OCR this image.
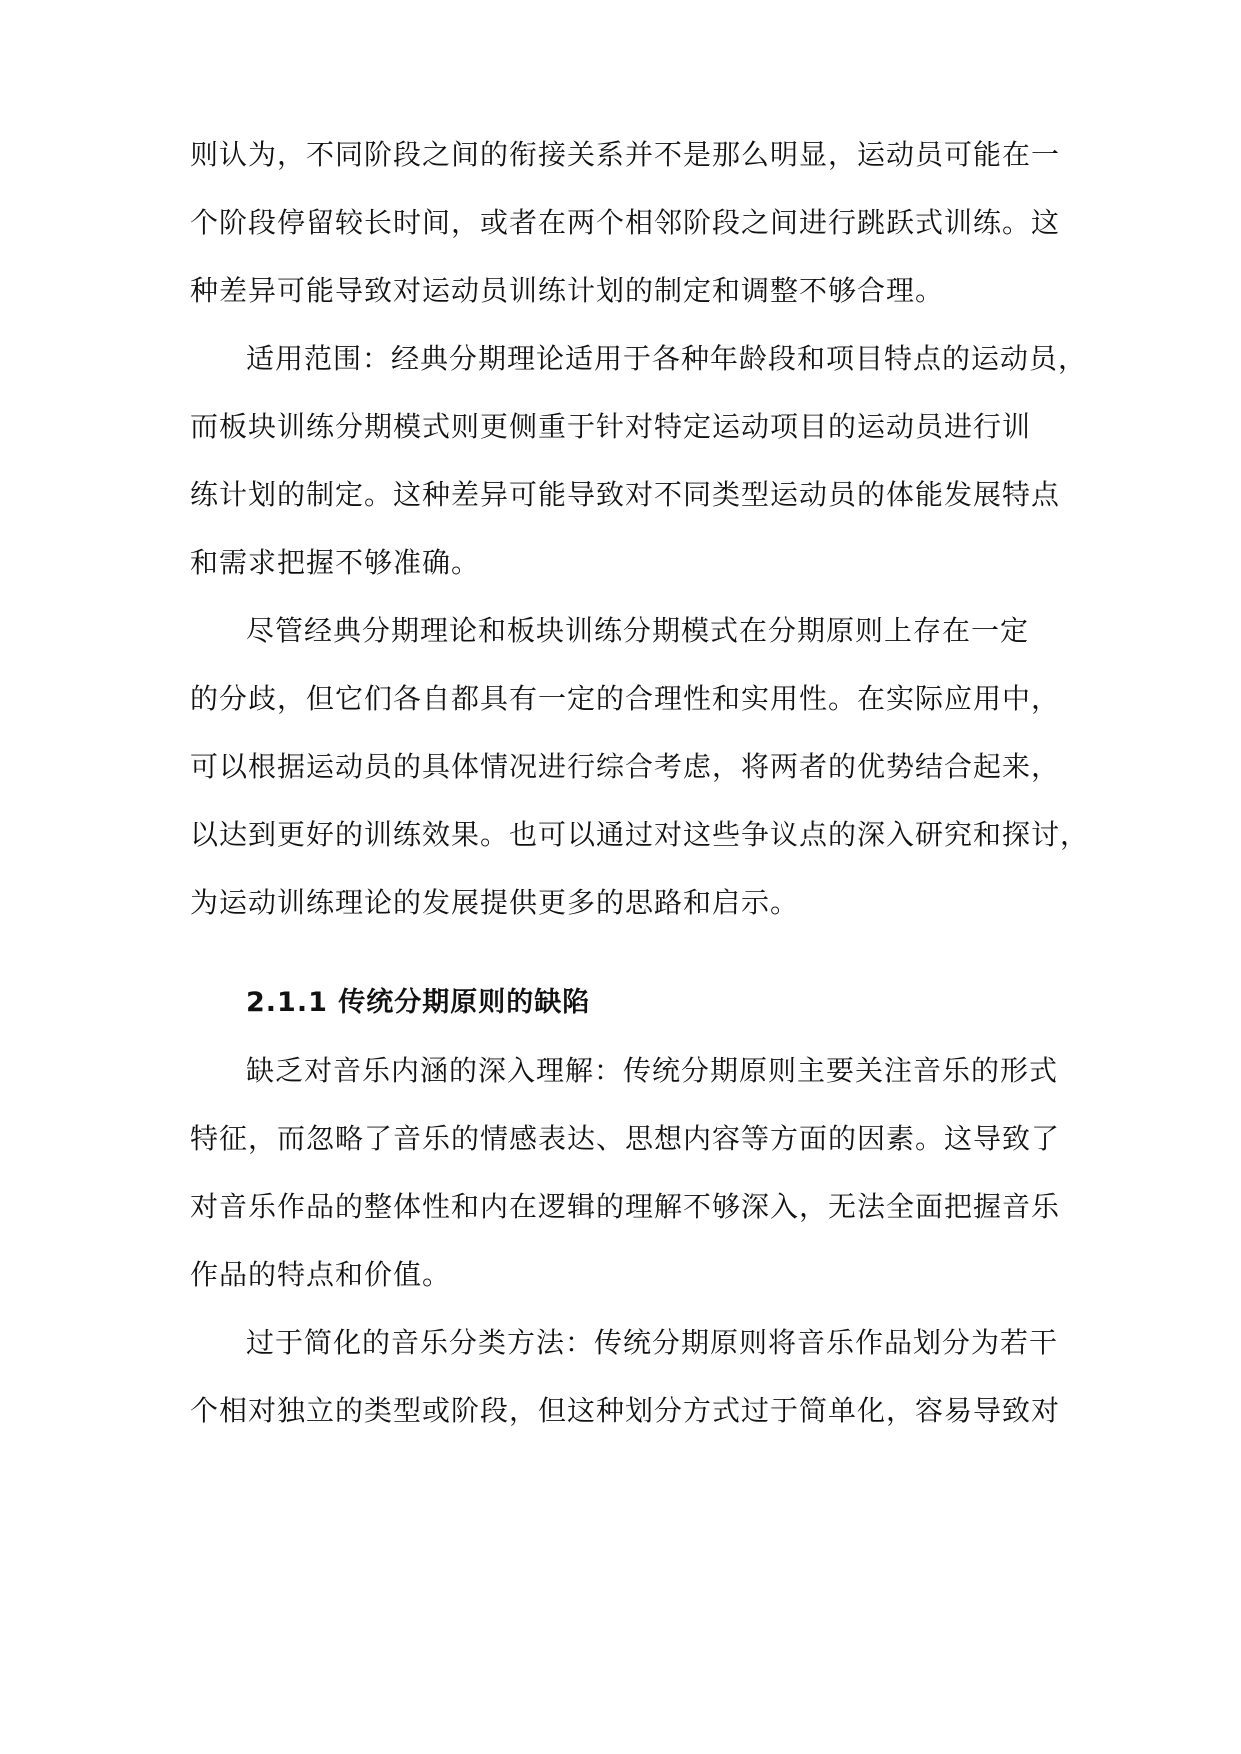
则认为，不同阶段之间的衔接关系并不是那么明显，运动员可能在一
个阶段停留较长时间，或者在两个相邻阶段之间进行跳跃式训练。这
种差异可能导致对运动员训练计划的制定和调整不够合理。
适用范围：经典分期理论适用于各种年龄段和项目特点的运动员，
而板块训练分期模式则更侧重于针对特定运动项目的运动员进行训
练计划的制定。这种差异可能导致对不同类型运动员的体能发展特点
和需求把握不够准确。
尽管经典分期理论和板块训练分期模式在分期原则上存在一定
的分歧，但它们各自都具有一定的合理性和实用性。在实际应用中，
可以根据运动员的具体情况进行综合考虑，将两者的优势结合起来，
以达到更好的训练效果。也可以通过对这些争议点的深入研究和探讨，
为运动训练理论的发展提供更多的思路和启示。
2.1.1 传统分期原则的缺陷
缺乏对音乐内涵的深入理解：传统分期原则主要关注音乐的形式
特征，而忽略了音乐的情感表达、思想内容等方面的因素。这导致了
对音乐作品的整体性和内在逻辑的理解不够深入，无法全面把握音乐
作品的特点和价值。
过于简化的音乐分类方法：传统分期原则将音乐作品划分为若干
个相对独立的类型或阶段，但这种划分方式过于简单化，容易导致对
